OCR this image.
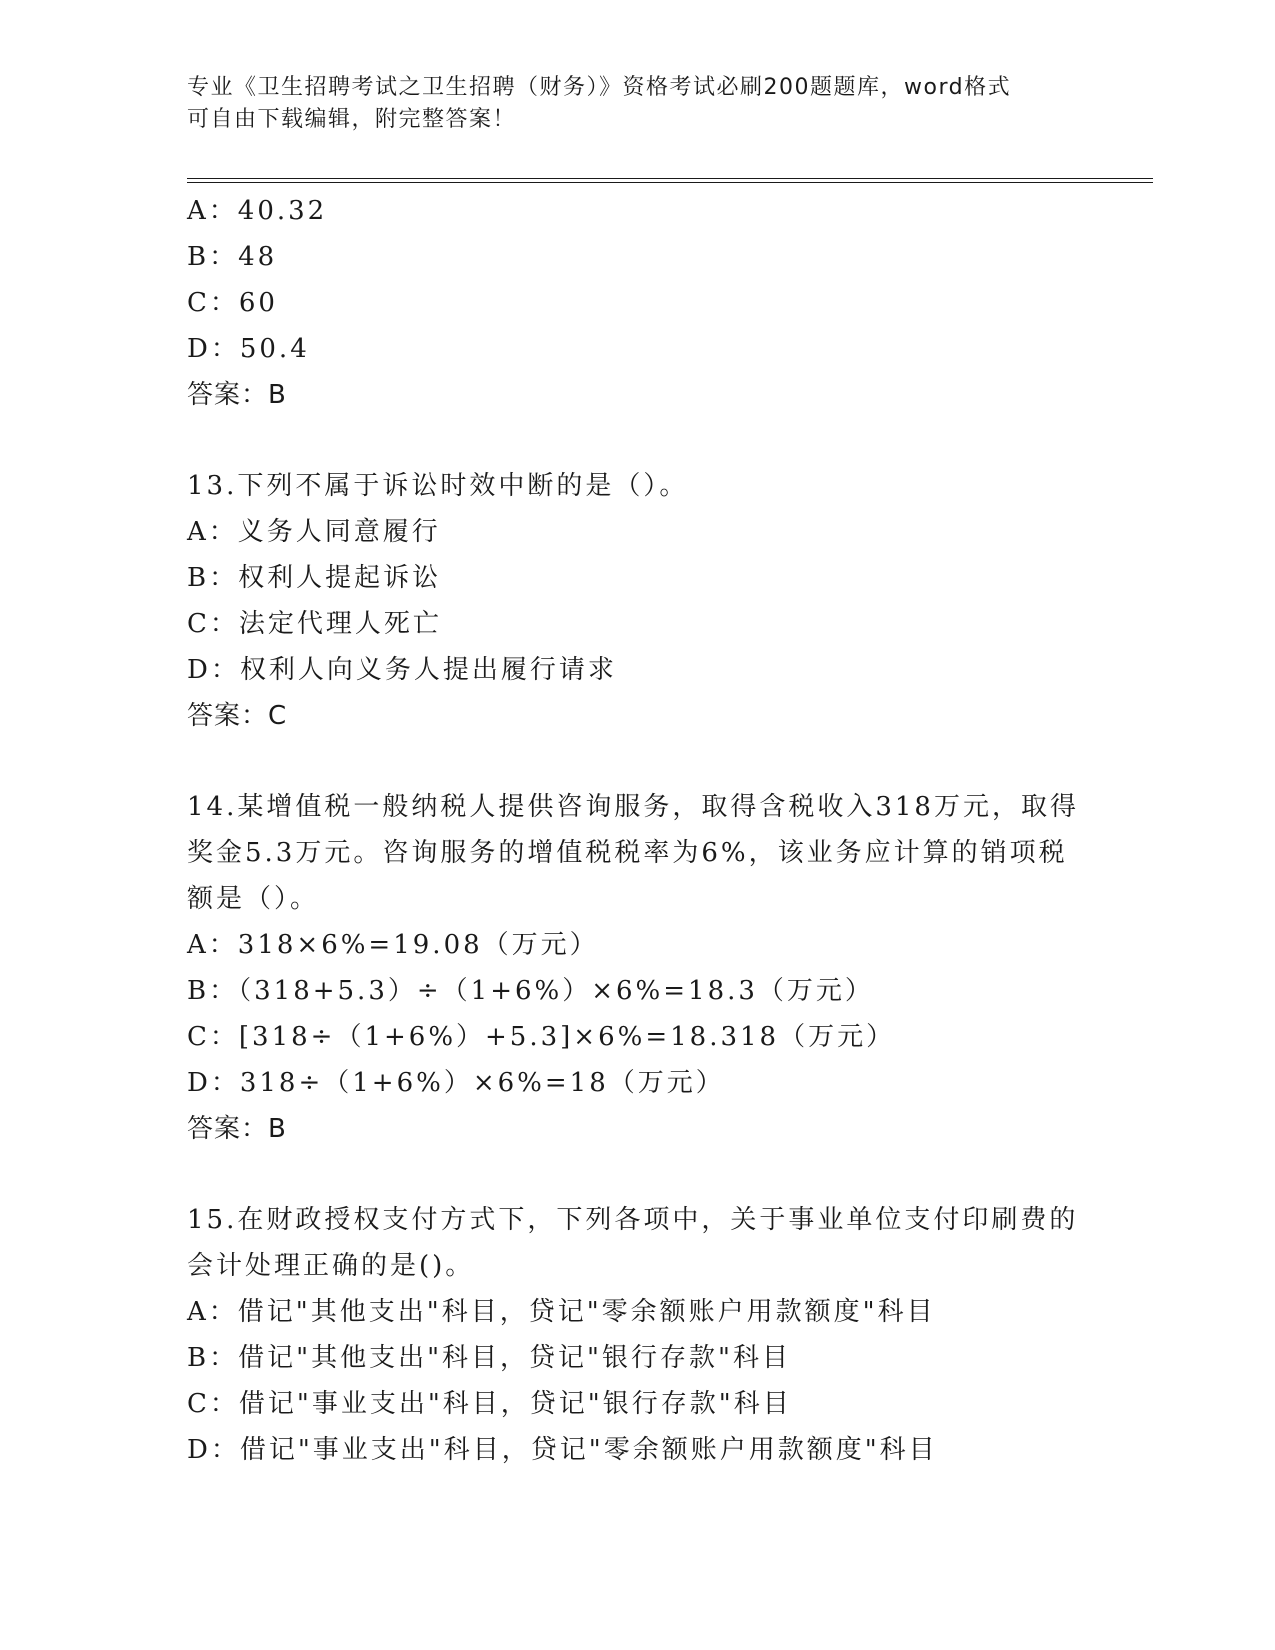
专业《卫生招聘考试之卫生招聘（财务）》资格考试必刷200题题库，word格式
可自由下载编辑，附完整答案！
A：40.32
B：48
C：60
D：50.4
答案：B
13.下列不属于诉讼时效中断的是（）。
A：义务人同意履行
B：权利人提起诉讼
C：法定代理人死亡
D：权利人向义务人提出履行请求
答案：C
14.某增值税一般纳税人提供咨询服务，取得含税收入318万元，取得
奖金5.3万元。咨询服务的增值税税率为6%，该业务应计算的销项税
额是（）。
A：318×6%=19.08（万元）
B：（318+5.3）÷（1+6%）×6%=18.3（万元）
C：[318÷（1+6%）+5.3]×6%=18.318（万元）
D：318÷（1+6%）×6%=18（万元）
答案：B
15.在财政授权支付方式下，下列各项中，关于事业单位支付印刷费的
会计处理正确的是()。
A：借记"其他支出"科目，贷记"零余额账户用款额度"科目
B：借记"其他支出"科目，贷记"银行存款"科目
C：借记"事业支出"科目，贷记"银行存款"科目
D：借记"事业支出"科目，贷记"零余额账户用款额度"科目
